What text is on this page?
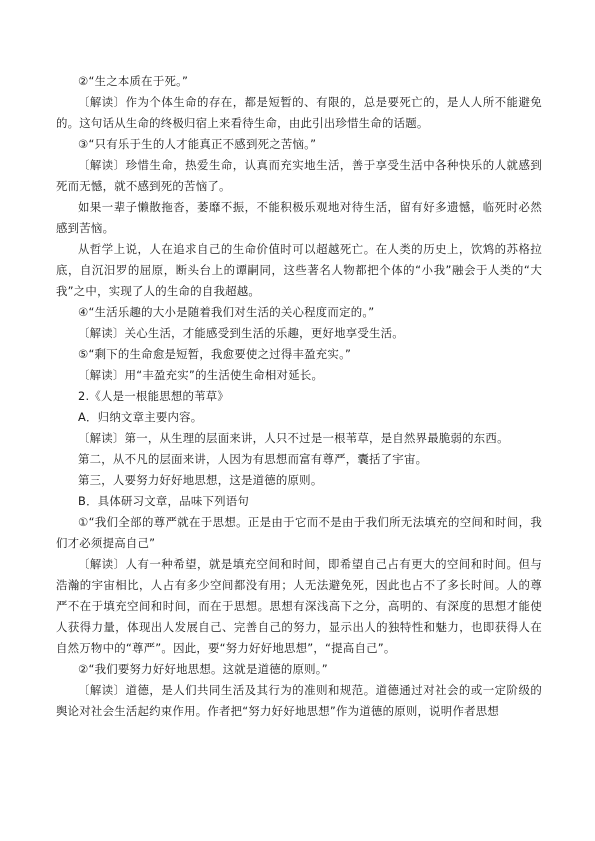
②“生之本质在于死。”

〔解读〕作为个体生命的存在，都是短暂的、有限的，总是要死亡的，是人人所不能避免的。这句话从生命的终极归宿上来看待生命，由此引出珍惜生命的话题。

③“只有乐于生的人才能真正不感到死之苦恼。”

〔解读〕珍惜生命，热爱生命，认真而充实地生活，善于享受生活中各种快乐的人就感到死而无憾，就不感到死的苦恼了。

如果一辈子懒散拖沓，萎靡不振，不能积极乐观地对待生活，留有好多遗憾，临死时必然感到苦恼。

从哲学上说，人在追求自己的生命价值时可以超越死亡。在人类的历史上，饮鸩的苏格拉底，自沉汨罗的屈原，断头台上的谭嗣同，这些著名人物都把个体的“小我”融会于人类的“大我”之中，实现了人的生命的自我超越。

④“生活乐趣的大小是随着我们对生活的关心程度而定的。”

〔解读〕关心生活，才能感受到生活的乐趣，更好地享受生活。

⑤“剩下的生命愈是短暂，我愈要使之过得丰盈充实。”

〔解读〕用“丰盈充实”的生活使生命相对延长。

2.《人是一根能思想的苇草》

A．归纳文章主要内容。

〔解读〕第一，从生理的层面来讲，人只不过是一根苇草，是自然界最脆弱的东西。

第二，从不凡的层面来讲，人因为有思想而富有尊严，囊括了宇宙。

第三，人要努力好好地思想，这是道德的原则。

B．具体研习文章，品味下列语句

①“我们全部的尊严就在于思想。正是由于它而不是由于我们所无法填充的空间和时间，我们才必须提高自己”

〔解读〕人有一种希望，就是填充空间和时间，即希望自己占有更大的空间和时间。但与浩瀚的宇宙相比，人占有多少空间都没有用；人无法避免死，因此也占不了多长时间。人的尊严不在于填充空间和时间，而在于思想。思想有深浅高下之分，高明的、有深度的思想才能使人获得力量，体现出人发展自己、完善自己的努力，显示出人的独特性和魅力，也即获得人在自然万物中的“尊严”。因此，要“努力好好地思想”，“提高自己”。

②“我们要努力好好地思想。这就是道德的原则。”

〔解读〕道德，是人们共同生活及其行为的准则和规范。道德通过对社会的或一定阶级的舆论对社会生活起约束作用。作者把“努力好好地思想”作为道德的原则，说明作者思想
